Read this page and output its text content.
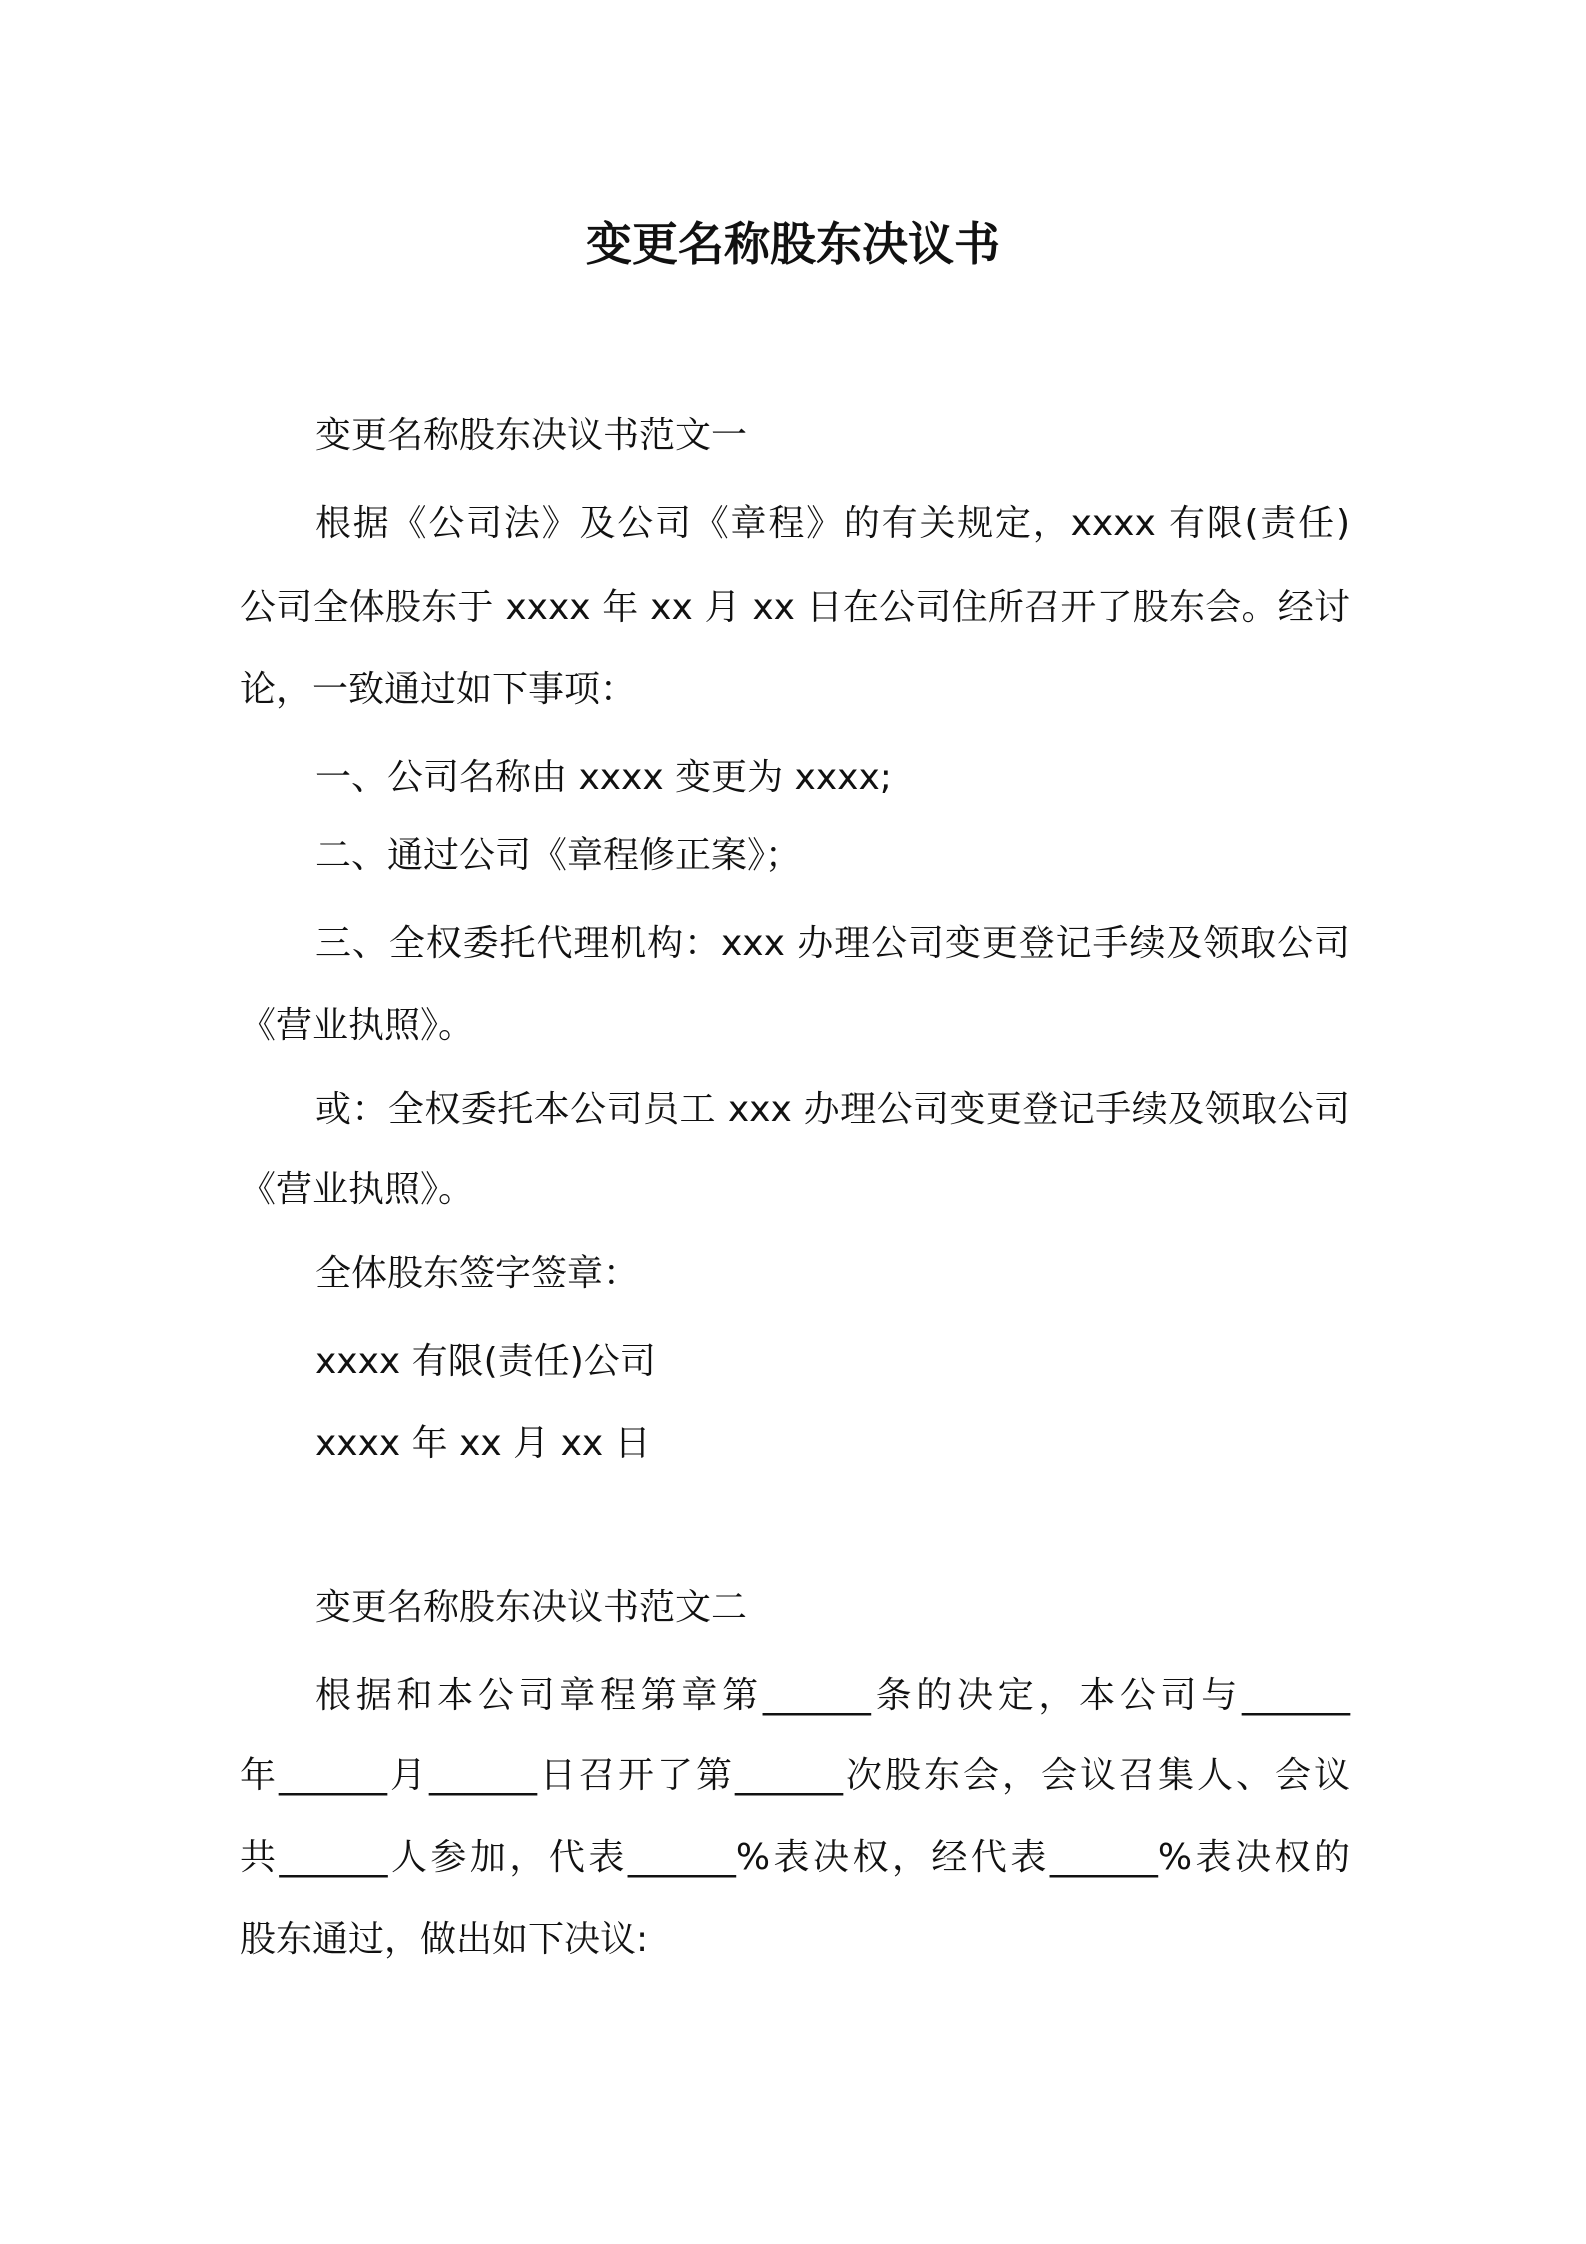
变更名称股东决议书
变更名称股东决议书范文一
根据《公司法》及公司《章程》的有关规定，xxxx 有限(责任)
公司全体股东于 xxxx 年 xx 月 xx 日在公司住所召开了股东会。经讨
论，一致通过如下事项：
一、公司名称由 xxxx 变更为 xxxx;
二、通过公司《章程修正案》；
三、全权委托代理机构：xxx 办理公司变更登记手续及领取公司
《营业执照》。
或：全权委托本公司员工 xxx 办理公司变更登记手续及领取公司
《营业执照》。
全体股东签字签章：
xxxx 有限(责任)公司
xxxx 年 xx 月 xx 日
变更名称股东决议书范文二
根据和本公司章程第章第______条的决定，本公司与______
年______月______日召开了第______次股东会，会议召集人、会议
共______人参加，代表______%表决权，经代表______%表决权的
股东通过，做出如下决议:
